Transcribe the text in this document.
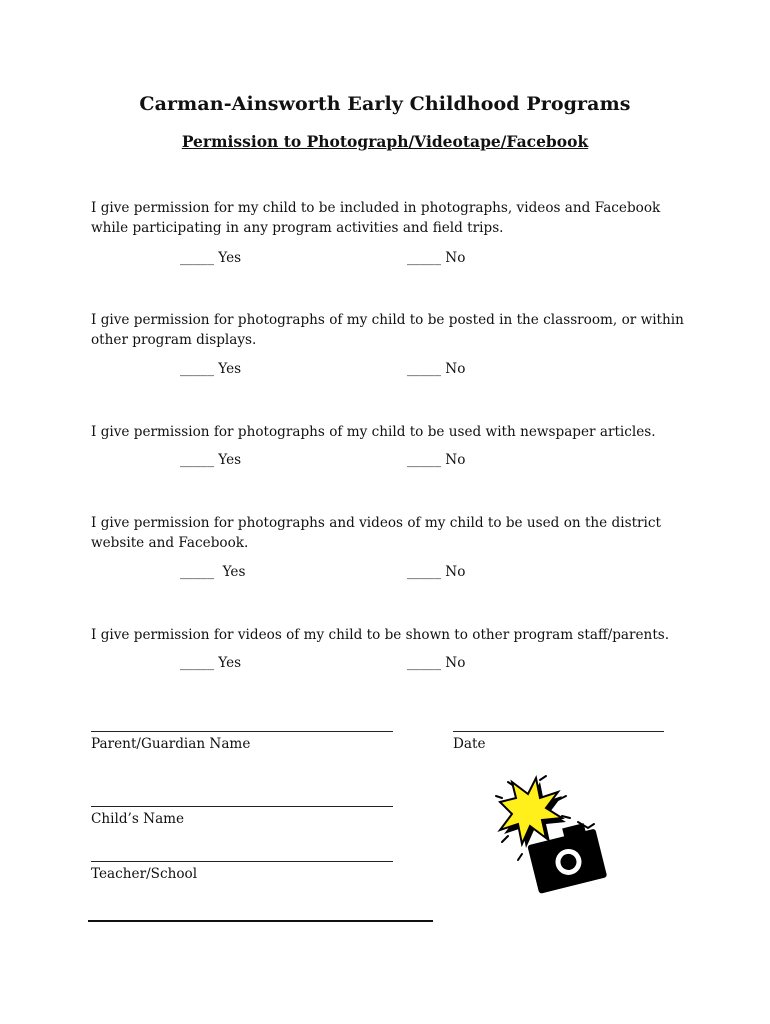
Carman-Ainsworth Early Childhood Programs
Permission to Photograph/Videotape/Facebook
I give permission for my child to be included in photographs, videos and Facebook while participating in any program activities and field trips.
_____ Yes	_____ No
I give permission for photographs of my child to be posted in the classroom, or within other program displays.
_____ Yes	_____ No
I give permission for photographs of my child to be used with newspaper articles.
_____ Yes	_____ No
I give permission for photographs and videos of my child to be used on the district website and Facebook.
_____  Yes	_____ No
I give permission for videos of my child to be shown to other program staff/parents.
_____ Yes	_____ No
Parent/Guardian Name	Date
Child’s Name
Teacher/School
